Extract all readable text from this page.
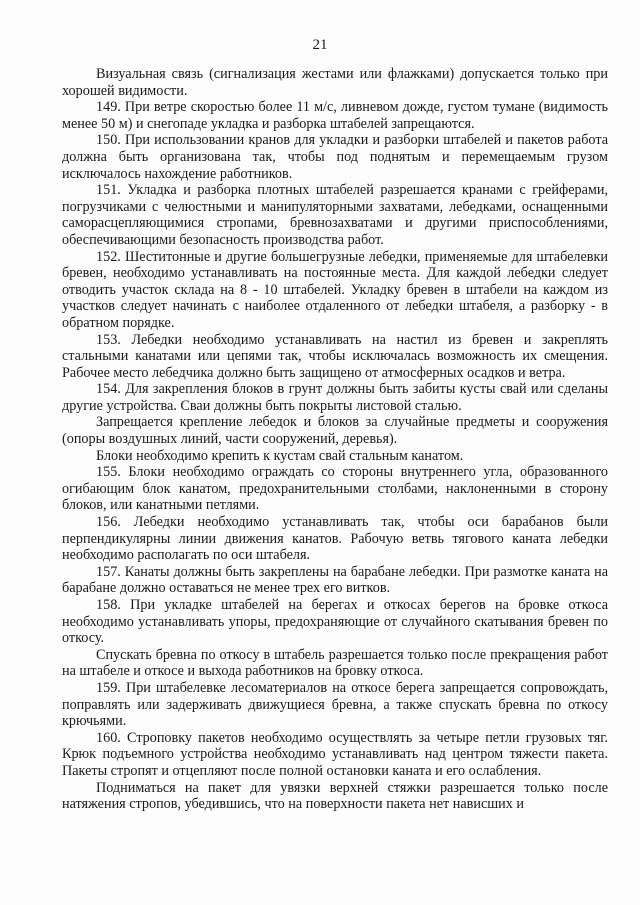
21

Визуальная связь (сигнализация жестами или флажками) допускается только при хорошей видимости.

149. При ветре скоростью более 11 м/с, ливневом дожде, густом тумане (видимость менее 50 м) и снегопаде укладка и разборка штабелей запрещаются.

150. При использовании кранов для укладки и разборки штабелей и пакетов работа должна быть организована так, чтобы под поднятым и перемещаемым грузом исключалось нахождение работников.

151. Укладка и разборка плотных штабелей разрешается кранами с грейферами, погрузчиками с челюстными и манипуляторными захватами, лебедками, оснащенными саморасцепляющимися стропами, бревнозахватами и другими приспособлениями, обеспечивающими безопасность производства работ.

152. Шеститонные и другие большегрузные лебедки, применяемые для штабелевки бревен, необходимо устанавливать на постоянные места. Для каждой лебедки следует отводить участок склада на 8 - 10 штабелей. Укладку бревен в штабели на каждом из участков следует начинать с наиболее отдаленного от лебедки штабеля, а разборку - в обратном порядке.

153. Лебедки необходимо устанавливать на настил из бревен и закреплять стальными канатами или цепями так, чтобы исключалась возможность их смещения. Рабочее место лебедчика должно быть защищено от атмосферных осадков и ветра.

154. Для закрепления блоков в грунт должны быть забиты кусты свай или сделаны другие устройства. Сваи должны быть покрыты листовой сталью.

Запрещается крепление лебедок и блоков за случайные предметы и сооружения (опоры воздушных линий, части сооружений, деревья).

Блоки необходимо крепить к кустам свай стальным канатом.

155. Блоки необходимо ограждать со стороны внутреннего угла, образованного огибающим блок канатом, предохранительными столбами, наклоненными в сторону блоков, или канатными петлями.

156. Лебедки необходимо устанавливать так, чтобы оси барабанов были перпендикулярны линии движения канатов. Рабочую ветвь тягового каната лебедки необходимо располагать по оси штабеля.

157. Канаты должны быть закреплены на барабане лебедки. При размотке каната на барабане должно оставаться не менее трех его витков.

158. При укладке штабелей на берегах и откосах берегов на бровке откоса необходимо устанавливать упоры, предохраняющие от случайного скатывания бревен по откосу.

Спускать бревна по откосу в штабель разрешается только после прекращения работ на штабеле и откосе и выхода работников на бровку откоса.

159. При штабелевке лесоматериалов на откосе берега запрещается сопровождать, поправлять или задерживать движущиеся бревна, а также спускать бревна по откосу крючьями.

160. Строповку пакетов необходимо осуществлять за четыре петли грузовых тяг. Крюк подъемного устройства необходимо устанавливать над центром тяжести пакета. Пакеты стропят и отцепляют после полной остановки каната и его ослабления.

Подниматься на пакет для увязки верхней стяжки разрешается только после натяжения стропов, убедившись, что на поверхности пакета нет нависших и
